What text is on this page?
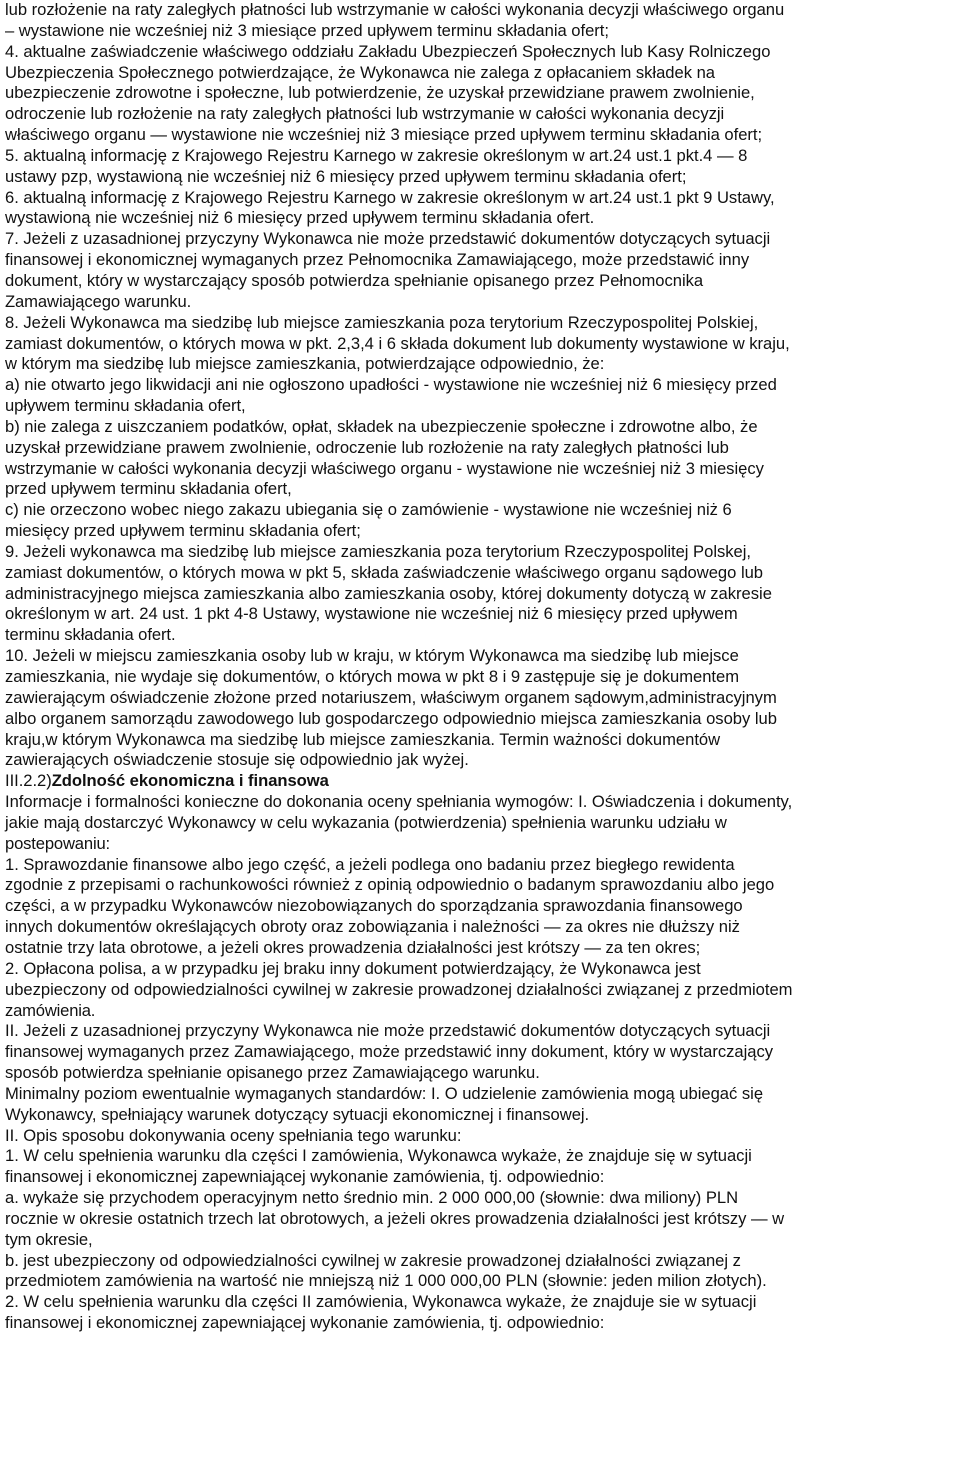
lub rozłożenie na raty zaległych płatności lub wstrzymanie w całości wykonania decyzji właściwego organu
– wystawione nie wcześniej niż 3 miesiące przed upływem terminu składania ofert;
4. aktualne zaświadczenie właściwego oddziału Zakładu Ubezpieczeń Społecznych lub Kasy Rolniczego
Ubezpieczenia Społecznego potwierdzające, że Wykonawca nie zalega z opłacaniem składek na
ubezpieczenie zdrowotne i społeczne, lub potwierdzenie, że uzyskał przewidziane prawem zwolnienie,
odroczenie lub rozłożenie na raty zaległych płatności lub wstrzymanie w całości wykonania decyzji
właściwego organu — wystawione nie wcześniej niż 3 miesiące przed upływem terminu składania ofert;
5. aktualną informację z Krajowego Rejestru Karnego w zakresie określonym w art.24 ust.1 pkt.4 — 8
ustawy pzp, wystawioną nie wcześniej niż 6 miesięcy przed upływem terminu składania ofert;
6. aktualną informację z Krajowego Rejestru Karnego w zakresie określonym w art.24 ust.1 pkt 9 Ustawy,
wystawioną nie wcześniej niż 6 miesięcy przed upływem terminu składania ofert.
7. Jeżeli z uzasadnionej przyczyny Wykonawca nie może przedstawić dokumentów dotyczących sytuacji
finansowej i ekonomicznej wymaganych przez Pełnomocnika Zamawiającego, może przedstawić inny
dokument, który w wystarczający sposób potwierdza spełnianie opisanego przez Pełnomocnika
Zamawiającego warunku.
8. Jeżeli Wykonawca ma siedzibę lub miejsce zamieszkania poza terytorium Rzeczypospolitej Polskiej,
zamiast dokumentów, o których mowa w pkt. 2,3,4 i 6 składa dokument lub dokumenty wystawione w kraju,
w którym ma siedzibę lub miejsce zamieszkania, potwierdzające odpowiednio, że:
a) nie otwarto jego likwidacji ani nie ogłoszono upadłości - wystawione nie wcześniej niż 6 miesięcy przed
upływem terminu składania ofert,
b) nie zalega z uiszczaniem podatków, opłat, składek na ubezpieczenie społeczne i zdrowotne albo, że
uzyskał przewidziane prawem zwolnienie, odroczenie lub rozłożenie na raty zaległych płatności lub
wstrzymanie w całości wykonania decyzji właściwego organu - wystawione nie wcześniej niż 3 miesięcy
przed upływem terminu składania ofert,
c) nie orzeczono wobec niego zakazu ubiegania się o zamówienie - wystawione nie wcześniej niż 6
miesięcy przed upływem terminu składania ofert;
9. Jeżeli wykonawca ma siedzibę lub miejsce zamieszkania poza terytorium Rzeczypospolitej Polskej,
zamiast dokumentów, o których mowa w pkt 5, składa zaświadczenie właściwego organu sądowego lub
administracyjnego miejsca zamieszkania albo zamieszkania osoby, której dokumenty dotyczą w zakresie
określonym w art. 24 ust. 1 pkt 4-8 Ustawy, wystawione nie wcześniej niż 6 miesięcy przed upływem
terminu składania ofert.
10. Jeżeli w miejscu zamieszkania osoby lub w kraju, w którym Wykonawca ma siedzibę lub miejsce
zamieszkania, nie wydaje się dokumentów, o których mowa w pkt 8 i 9 zastępuje się je dokumentem
zawierającym oświadczenie złożone przed notariuszem, właściwym organem sądowym,administracyjnym
albo organem samorządu zawodowego lub gospodarczego odpowiednio miejsca zamieszkania osoby lub
kraju,w którym Wykonawca ma siedzibę lub miejsce zamieszkania. Termin ważności dokumentów
zawierających oświadczenie stosuje się odpowiednio jak wyżej.
III.2.2)Zdolność ekonomiczna i finansowa
Informacje i formalności konieczne do dokonania oceny spełniania wymogów: I. Oświadczenia i dokumenty,
jakie mają dostarczyć Wykonawcy w celu wykazania (potwierdzenia) spełnienia warunku udziału w
postepowaniu:
1. Sprawozdanie finansowe albo jego część, a jeżeli podlega ono badaniu przez biegłego rewidenta
zgodnie z przepisami o rachunkowości również z opinią odpowiednio o badanym sprawozdaniu albo jego
części, a w przypadku Wykonawców niezobowiązanych do sporządzania sprawozdania finansowego
innych dokumentów określających obroty oraz zobowiązania i należności — za okres nie dłuższy niż
ostatnie trzy lata obrotowe, a jeżeli okres prowadzenia działalności jest krótszy — za ten okres;
2. Opłacona polisa, a w przypadku jej braku inny dokument potwierdzający, że Wykonawca jest
ubezpieczony od odpowiedzialności cywilnej w zakresie prowadzonej działalności związanej z przedmiotem
zamówienia.
II. Jeżeli z uzasadnionej przyczyny Wykonawca nie może przedstawić dokumentów dotyczących sytuacji
finansowej wymaganych przez Zamawiającego, może przedstawić inny dokument, który w wystarczający
sposób potwierdza spełnianie opisanego przez Zamawiającego warunku.
Minimalny poziom ewentualnie wymaganych standardów: I. O udzielenie zamówienia mogą ubiegać się
Wykonawcy, spełniający warunek dotyczący sytuacji ekonomicznej i finansowej.
II. Opis sposobu dokonywania oceny spełniania tego warunku:
1. W celu spełnienia warunku dla części I zamówienia, Wykonawca wykaże, że znajduje się w sytuacji
finansowej i ekonomicznej zapewniającej wykonanie zamówienia, tj. odpowiednio:
a. wykaże się przychodem operacyjnym netto średnio min. 2 000 000,00 (słownie: dwa miliony) PLN
rocznie w okresie ostatnich trzech lat obrotowych, a jeżeli okres prowadzenia działalności jest krótszy — w
tym okresie,
b. jest ubezpieczony od odpowiedzialności cywilnej w zakresie prowadzonej działalności związanej z
przedmiotem zamówienia na wartość nie mniejszą niż 1 000 000,00 PLN (słownie: jeden milion złotych).
2. W celu spełnienia warunku dla części II zamówienia, Wykonawca wykaże, że znajduje sie w sytuacji
finansowej i ekonomicznej zapewniającej wykonanie zamówienia, tj. odpowiednio:
